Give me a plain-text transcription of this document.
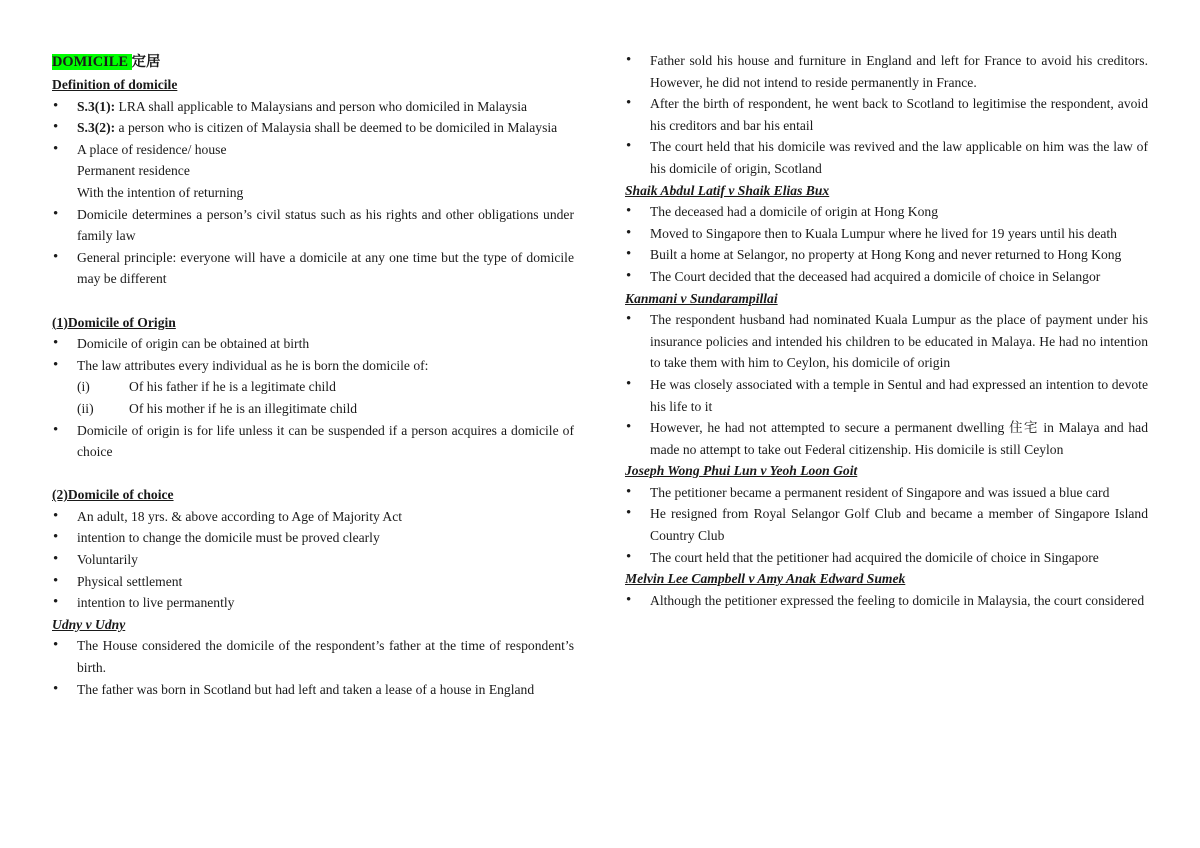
DOMICILE 定居
Definition of domicile
• S.3(1): LRA shall applicable to Malaysians and person who domiciled in Malaysia
• S.3(2): a person who is citizen of Malaysia shall be deemed to be domiciled in Malaysia
• A place of residence/ house
Permanent residence
With the intention of returning
• Domicile determines a person’s civil status such as his rights and other obligations under family law
• General principle: everyone will have a domicile at any one time but the type of domicile may be different
(1)Domicile of Origin
• Domicile of origin can be obtained at birth
• The law attributes every individual as he is born the domicile of:
(i)	Of his father if he is a legitimate child
(ii)	Of his mother if he is an illegitimate child
• Domicile of origin is for life unless it can be suspended if a person acquires a domicile of choice
(2)Domicile of choice
• An adult, 18 yrs. & above according to Age of Majority Act
• intention to change the domicile must be proved clearly
• Voluntarily
• Physical settlement
• intention to live permanently
Udny v Udny
• The House considered the domicile of the respondent’s father at the time of respondent’s birth.
• The father was born in Scotland but had left and taken a lease of a house in England
• Father sold his house and furniture in England and left for France to avoid his creditors. However, he did not intend to reside permanently in France.
• After the birth of respondent, he went back to Scotland to legitimise the respondent, avoid his creditors and bar his entail
• The court held that his domicile was revived and the law applicable on him was the law of his domicile of origin, Scotland
Shaik Abdul Latif v Shaik Elias Bux
• The deceased had a domicile of origin at Hong Kong
• Moved to Singapore then to Kuala Lumpur where he lived for 19 years until his death
• Built a home at Selangor, no property at Hong Kong and never returned to Hong Kong
• The Court decided that the deceased had acquired a domicile of choice in Selangor
Kanmani v Sundarampillai
• The respondent husband had nominated Kuala Lumpur as the place of payment under his insurance policies and intended his children to be educated in Malaya. He had no intention to take them with him to Ceylon, his domicile of origin
• He was closely associated with a temple in Sentul and had expressed an intention to devote his life to it
• However, he had not attempted to secure a permanent dwelling 住宅 in Malaya and had made no attempt to take out Federal citizenship. His domicile is still Ceylon
Joseph Wong Phui Lun v Yeoh Loon Goit
• The petitioner became a permanent resident of Singapore and was issued a blue card
• He resigned from Royal Selangor Golf Club and became a member of Singapore Island Country Club
• The court held that the petitioner had acquired the domicile of choice in Singapore
Melvin Lee Campbell v Amy Anak Edward Sumek
• Although the petitioner expressed the feeling to domicile in Malaysia, the court considered
